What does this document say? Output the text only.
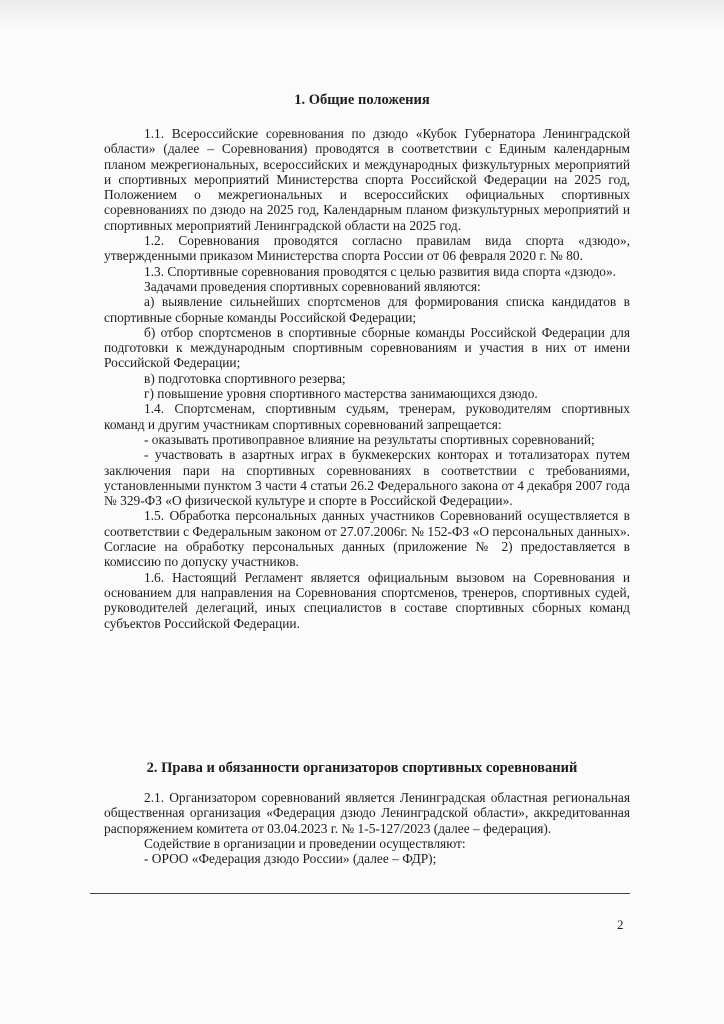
1. Общие положения

1.1. Всероссийские соревнования по дзюдо «Кубок Губернатора Ленинградской области» (далее – Соревнования) проводятся в соответствии с Единым календарным планом межрегиональных, всероссийских и международных физкультурных мероприятий и спортивных мероприятий Министерства спорта Российской Федерации на 2025 год, Положением о межрегиональных и всероссийских официальных спортивных соревнованиях по дзюдо на 2025 год, Календарным планом физкультурных мероприятий и спортивных мероприятий Ленинградской области на 2025 год.

1.2. Соревнования проводятся согласно правилам вида спорта «дзюдо», утвержденными приказом Министерства спорта России от 06 февраля 2020 г. № 80.

1.3. Спортивные соревнования проводятся с целью развития вида спорта «дзюдо».

Задачами проведения спортивных соревнований являются:

а) выявление сильнейших спортсменов для формирования списка кандидатов в спортивные сборные команды Российской Федерации;

б) отбор спортсменов в спортивные сборные команды Российской Федерации для подготовки к международным спортивным соревнованиям и участия в них от имени Российской Федерации;

в) подготовка спортивного резерва;

г) повышение уровня спортивного мастерства занимающихся дзюдо.

1.4. Спортсменам, спортивным судьям, тренерам, руководителям спортивных команд и другим участникам спортивных соревнований запрещается:

- оказывать противоправное влияние на результаты спортивных соревнований;

- участвовать в азартных играх в букмекерских конторах и тотализаторах путем заключения пари на спортивных соревнованиях в соответствии с требованиями, установленными пунктом 3 части 4 статьи 26.2 Федерального закона от 4 декабря 2007 года № 329-ФЗ «О физической культуре и спорте в Российской Федерации».

1.5. Обработка персональных данных участников Соревнований осуществляется в соответствии с Федеральным законом от 27.07.2006г. № 152-ФЗ «О персональных данных». Согласие на обработку персональных данных (приложение № 2) предоставляется в комиссию по допуску участников.

1.6. Настоящий Регламент является официальным вызовом на Соревнования и основанием для направления на Соревнования спортсменов, тренеров, спортивных судей, руководителей делегаций, иных специалистов в составе спортивных сборных команд субъектов Российской Федерации.

2. Права и обязанности организаторов спортивных соревнований

2.1. Организатором соревнований является Ленинградская областная региональная общественная организация «Федерация дзюдо Ленинградской области», аккредитованная распоряжением комитета от 03.04.2023 г. № 1-5-127/2023 (далее – федерация).

Содействие в организации и проведении осуществляют:

- ОРОО «Федерация дзюдо России» (далее – ФДР);

2
